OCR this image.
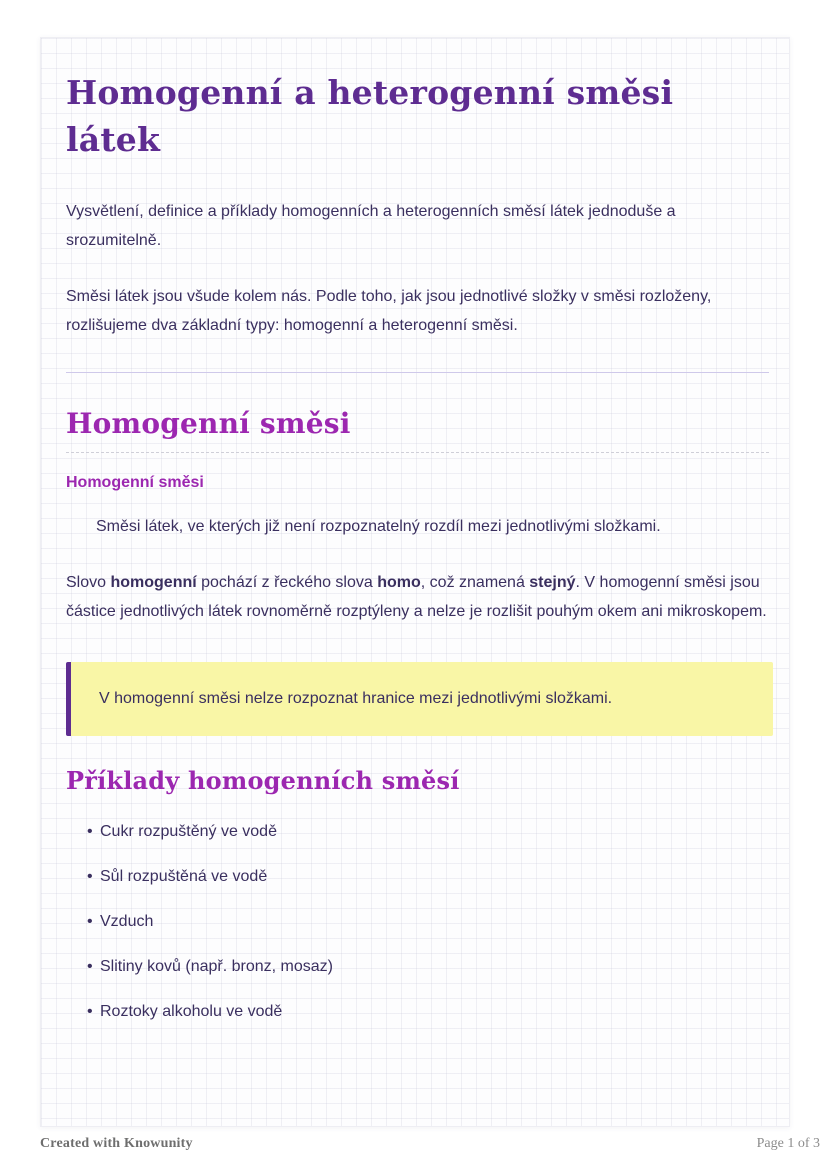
Homogenní a heterogenní směsi
látek

Vysvětlení, definice a příklady homogenních a heterogenních směsí látek jednoduše a srozumitelně.

Směsi látek jsou všude kolem nás. Podle toho, jak jsou jednotlivé složky v směsi rozloženy, rozlišujeme dva základní typy: homogenní a heterogenní směsi.

Homogenní směsi
Homogenní směsi

Směsi látek, ve kterých již není rozpoznatelný rozdíl mezi jednotlivými složkami.

Slovo homogenní pochází z řeckého slova homo, což znamená stejný. V homogenní směsi jsou částice jednotlivých látek rovnoměrně rozptýleny a nelze je rozlišit pouhým okem ani mikroskopem.

V homogenní směsi nelze rozpoznat hranice mezi jednotlivými složkami.
Příklady homogenních směsí
• Cukr rozpuštěný ve vodě
• Sůl rozpuštěná ve vodě
• Vzduch
• Slitiny kovů (např. bronz, mosaz)
• Roztoky alkoholu ve vodě
Created with Knowunity	Page 1 of 3
